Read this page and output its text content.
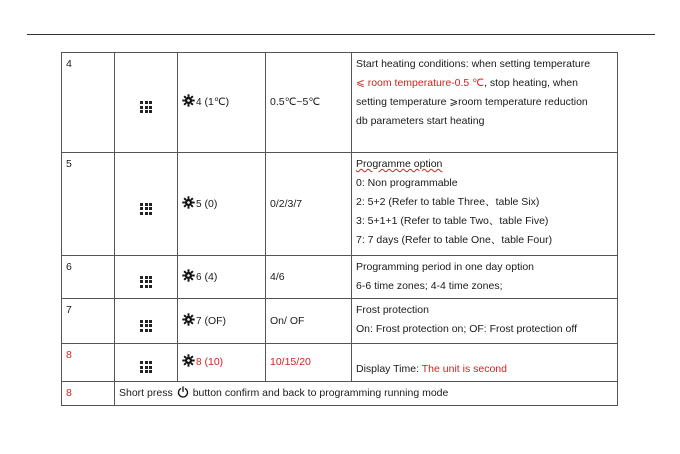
4		4 (1℃)	0.5℃~5℃	Start heating conditions: when setting temperature
⩽ room temperature-0.5 ℃, stop heating, when
setting temperature ⩾room temperature reduction
db parameters start heating

5		5 (0)	0/2/3/7	Programme option
0: Non programmable
2: 5+2 (Refer to table Three、table Six)
3: 5+1+1 (Refer to table Two、table Five)
7: 7 days (Refer to table One、table Four)

6		6 (4)	4/6	Programming period in one day option
6-6 time zones; 4-4 time zones;

7		7 (OF)	On/ OF	Frost protection
On: Frost protection on; OF: Frost protection off

8		8 (10)	10/15/20	Display Time: The unit is second

8	Short press button confirm and back to programming running mode			
